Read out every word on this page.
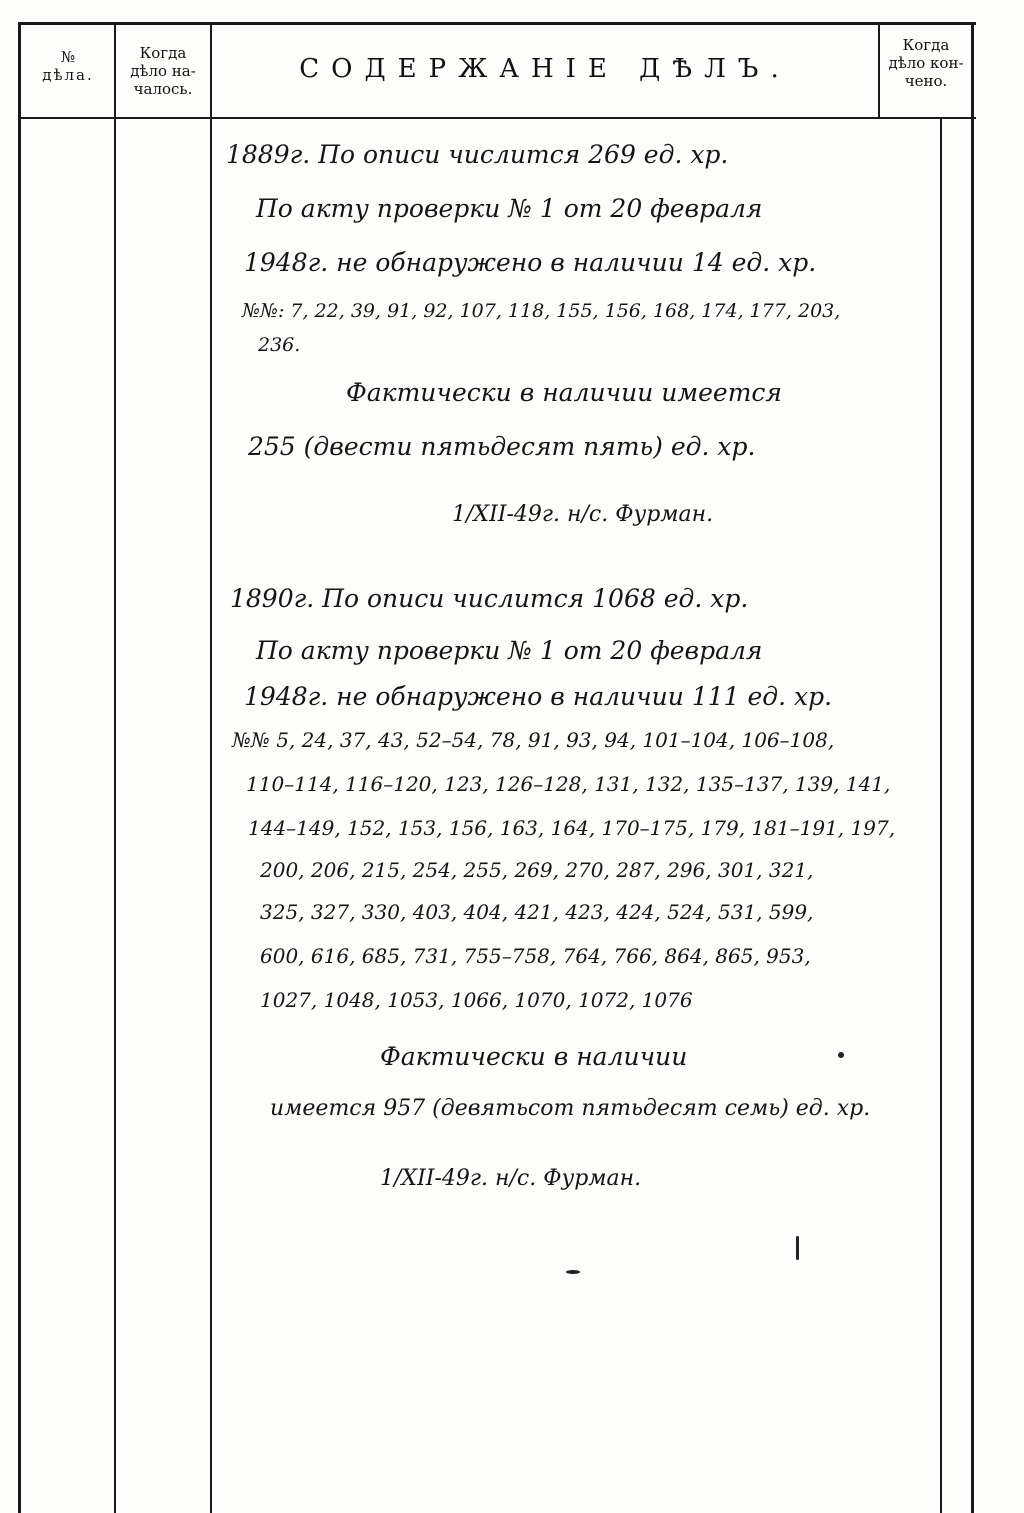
№
дѣла.
Когда
дѣло на-
чалось.
СОДЕРЖАНІЕ ДѢЛЪ.
Когда
дѣло кон-
чено.
1889г. По описи числится 269 ед. хр.
По акту проверки № 1 от 20 февраля
1948г. не обнаружено в наличии 14 ед. хр.
№№: 7, 22, 39, 91, 92, 107, 118, 155, 156, 168, 174, 177, 203,
236.
Фактически в наличии имеется
255 (двести пятьдесят пять) ед. хр.
1/XII-49г. н/с. Фурман.
1890г. По описи числится 1068 ед. хр.
По акту проверки № 1 от 20 февраля
1948г. не обнаружено в наличии 111 ед. хр.
№№ 5, 24, 37, 43, 52–54, 78, 91, 93, 94, 101–104, 106–108,
110–114, 116–120, 123, 126–128, 131, 132, 135–137, 139, 141,
144–149, 152, 153, 156, 163, 164, 170–175, 179, 181–191, 197,
200, 206, 215, 254, 255, 269, 270, 287, 296, 301, 321,
325, 327, 330, 403, 404, 421, 423, 424, 524, 531, 599,
600, 616, 685, 731, 755–758, 764, 766, 864, 865, 953,
1027, 1048, 1053, 1066, 1070, 1072, 1076
Фактически в наличии
имеется 957 (девятьсот пятьдесят семь) ед. хр.
1/XII-49г. н/с. Фурман.
